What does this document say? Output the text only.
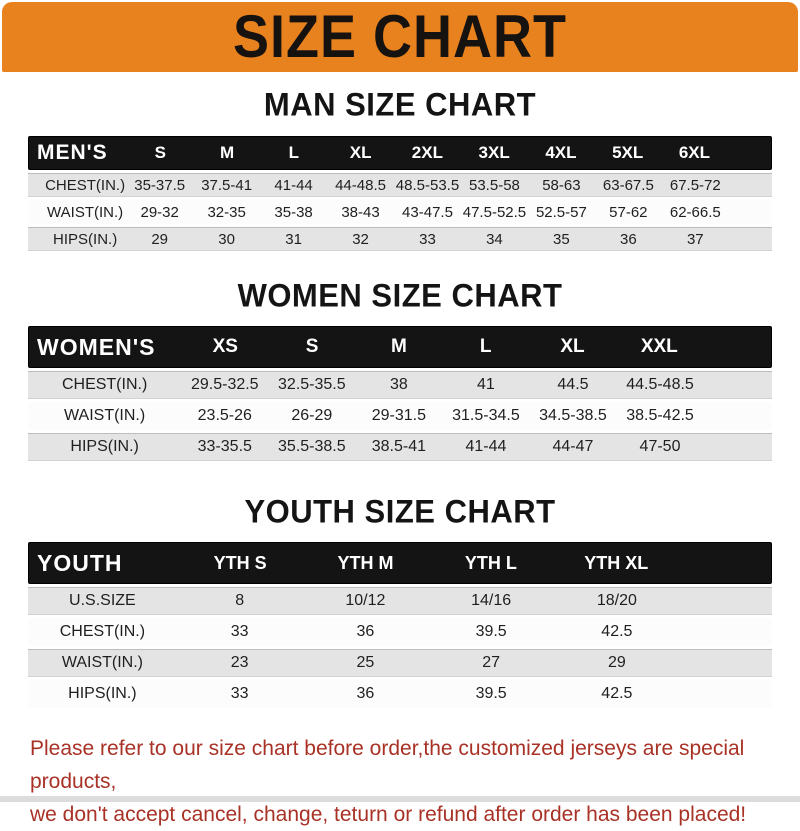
SIZE CHART
MAN SIZE CHART
MEN'S	S	M	L	XL	2XL	3XL	4XL	5XL	6XL
CHEST(IN.) 35-37.5	37.5-41	41-44	44-48.5 48.5-53.5 53.5-58	58-63	63-67.5	67.5-72
WAIST(IN.)	29-32	32-35	35-38	38-43	43-47.5 47.5-52.5 52.5-57	57-62	62-66.5
HIPS(IN.)	29	30	31	32	33	34	35	36	37
WOMEN SIZE CHART
WOMEN'S	XS	S	M	L	XL	XXL
CHEST(IN.)	29.5-32.5	32.5-35.5	38	41	44.5	44.5-48.5
WAIST(IN.)	23.5-26	26-29	29-31.5	31.5-34.5	34.5-38.5	38.5-42.5
HIPS(IN.)	33-35.5	35.5-38.5	38.5-41	41-44	44-47	47-50
YOUTH SIZE CHART
YOUTH	YTH S	YTH M	YTH L	YTH XL
U.S.SIZE	8	10/12	14/16	18/20
CHEST(IN.)	33	36	39.5	42.5
WAIST(IN.)	23	25	27	29
HIPS(IN.)	33	36	39.5	42.5
Please refer to our size chart before order,the customized jerseys are special products,
we don't accept cancel, change, teturn or refund after order has been placed!
